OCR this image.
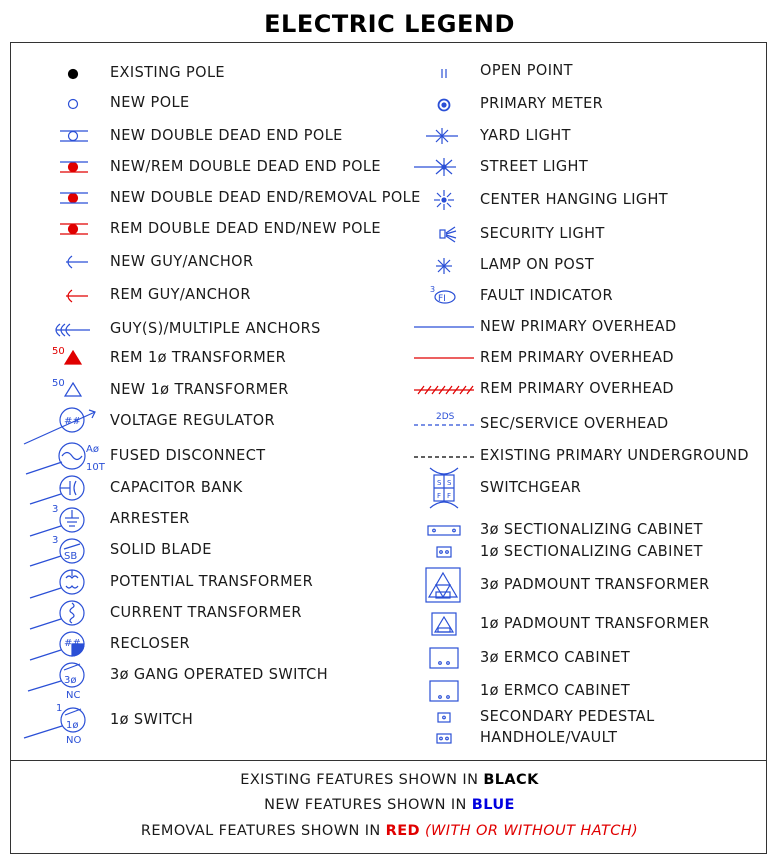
ELECTRIC LEGEND
EXISTING POLE
NEW POLE
NEW DOUBLE DEAD END POLE
NEW/REM DOUBLE DEAD END POLE
NEW DOUBLE DEAD END/REMOVAL POLE
REM DOUBLE DEAD END/NEW POLE
NEW GUY/ANCHOR
REM GUY/ANCHOR
GUY(S)/MULTIPLE ANCHORS
REM 1ø TRANSFORMER
NEW 1ø TRANSFORMER
VOLTAGE REGULATOR
FUSED DISCONNECT
CAPACITOR BANK
ARRESTER
SOLID BLADE
POTENTIAL TRANSFORMER
CURRENT TRANSFORMER
RECLOSER
3ø GANG OPERATED SWITCH
1ø SWITCH
OPEN POINT
PRIMARY METER
YARD LIGHT
STREET LIGHT
CENTER HANGING LIGHT
SECURITY LIGHT
LAMP ON POST
FAULT INDICATOR
NEW PRIMARY OVERHEAD
REM PRIMARY OVERHEAD
REM PRIMARY OVERHEAD
SEC/SERVICE OVERHEAD
EXISTING PRIMARY UNDERGROUND
SWITCHGEAR
3ø SECTIONALIZING CABINET
1ø SECTIONALIZING CABINET
3ø PADMOUNT TRANSFORMER
1ø PADMOUNT TRANSFORMER
3ø ERMCO CABINET
1ø ERMCO CABINET
SECONDARY PEDESTAL
HANDHOLE/VAULT
50
50
##
Aø
10T
3
SB
3
##
3ø
NC
1ø
NO
1
FI
3
2DS
S S
F F
EXISTING FEATURES SHOWN IN BLACK
NEW FEATURES SHOWN IN BLUE
REMOVAL FEATURES SHOWN IN RED (WITH OR WITHOUT HATCH)
